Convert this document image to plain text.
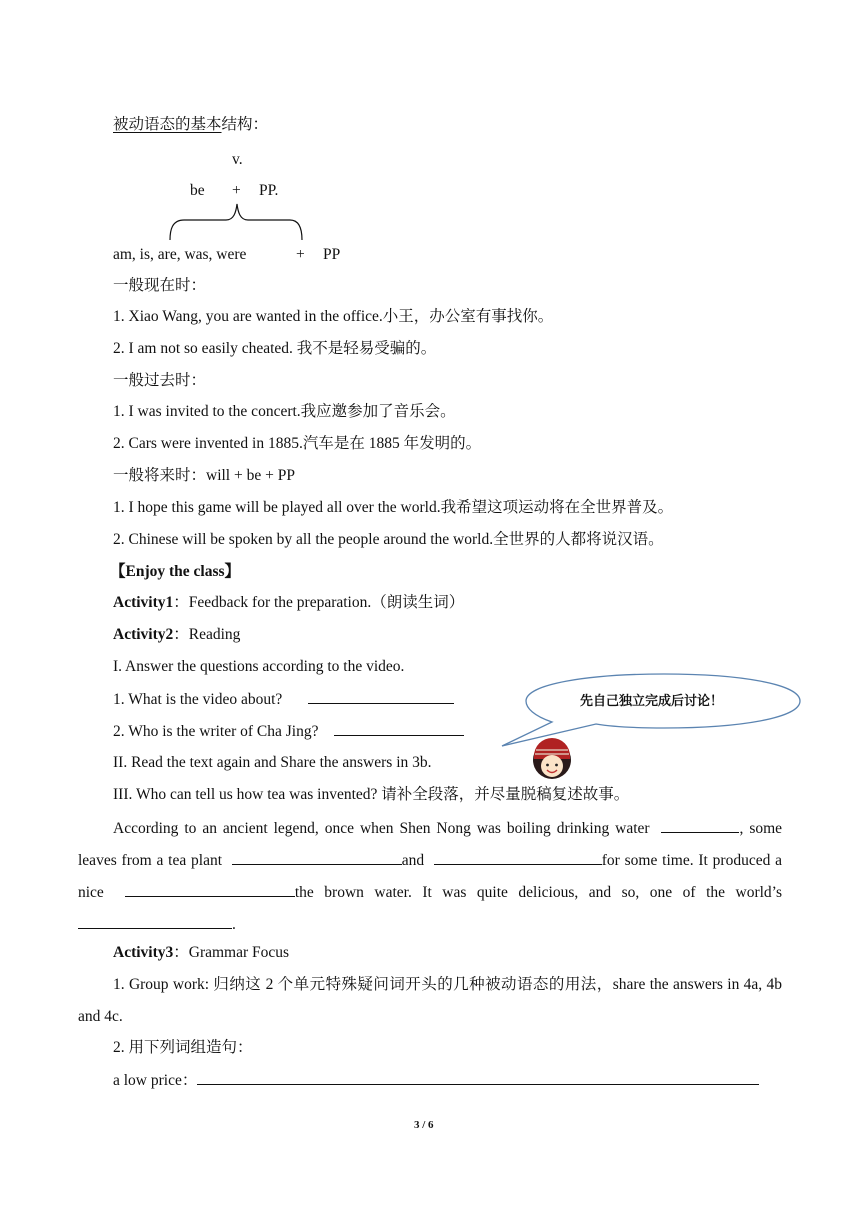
被动语态的基本结构：
v.
be + PP.
am, is, are, was, were	+ PP
一般现在时：
1. Xiao Wang, you are wanted in the office.小王，办公室有事找你。
2. I am not so easily cheated. 我不是轻易受骗的。
一般过去时：
1. I was invited to the concert.我应邀参加了音乐会。
2. Cars were invented in 1885.汽车是在 1885 年发明的。
一般将来时：will + be + PP
1. I hope this game will be played all over the world.我希望这项运动将在全世界普及。
2. Chinese will be spoken by all the people around the world.全世界的人都将说汉语。
【Enjoy the class】
Activity1：Feedback for the preparation.（朗读生词）
Activity2：Reading
I. Answer the questions according to the video.
1. What is the video about?
2. Who is the writer of Cha Jing?
II. Read the text again and Share the answers in 3b.
III. Who can tell us how tea was invented? 请补全段落，并尽量脱稿复述故事。
先自己独立完成后讨论！
According to an ancient legend, once when Shen Nong was boiling drinking water	, some leaves from a tea plant	and	for some time. It produced a nice	the brown water. It was quite delicious, and so, one of the world’s.
Activity3：Grammar Focus
1. Group work: 归纳这 2 个单元特殊疑问词开头的几种被动语态的用法，share the answers in 4a, 4b and 4c.
2. 用下列词组造句：
a low price：
3 / 6
